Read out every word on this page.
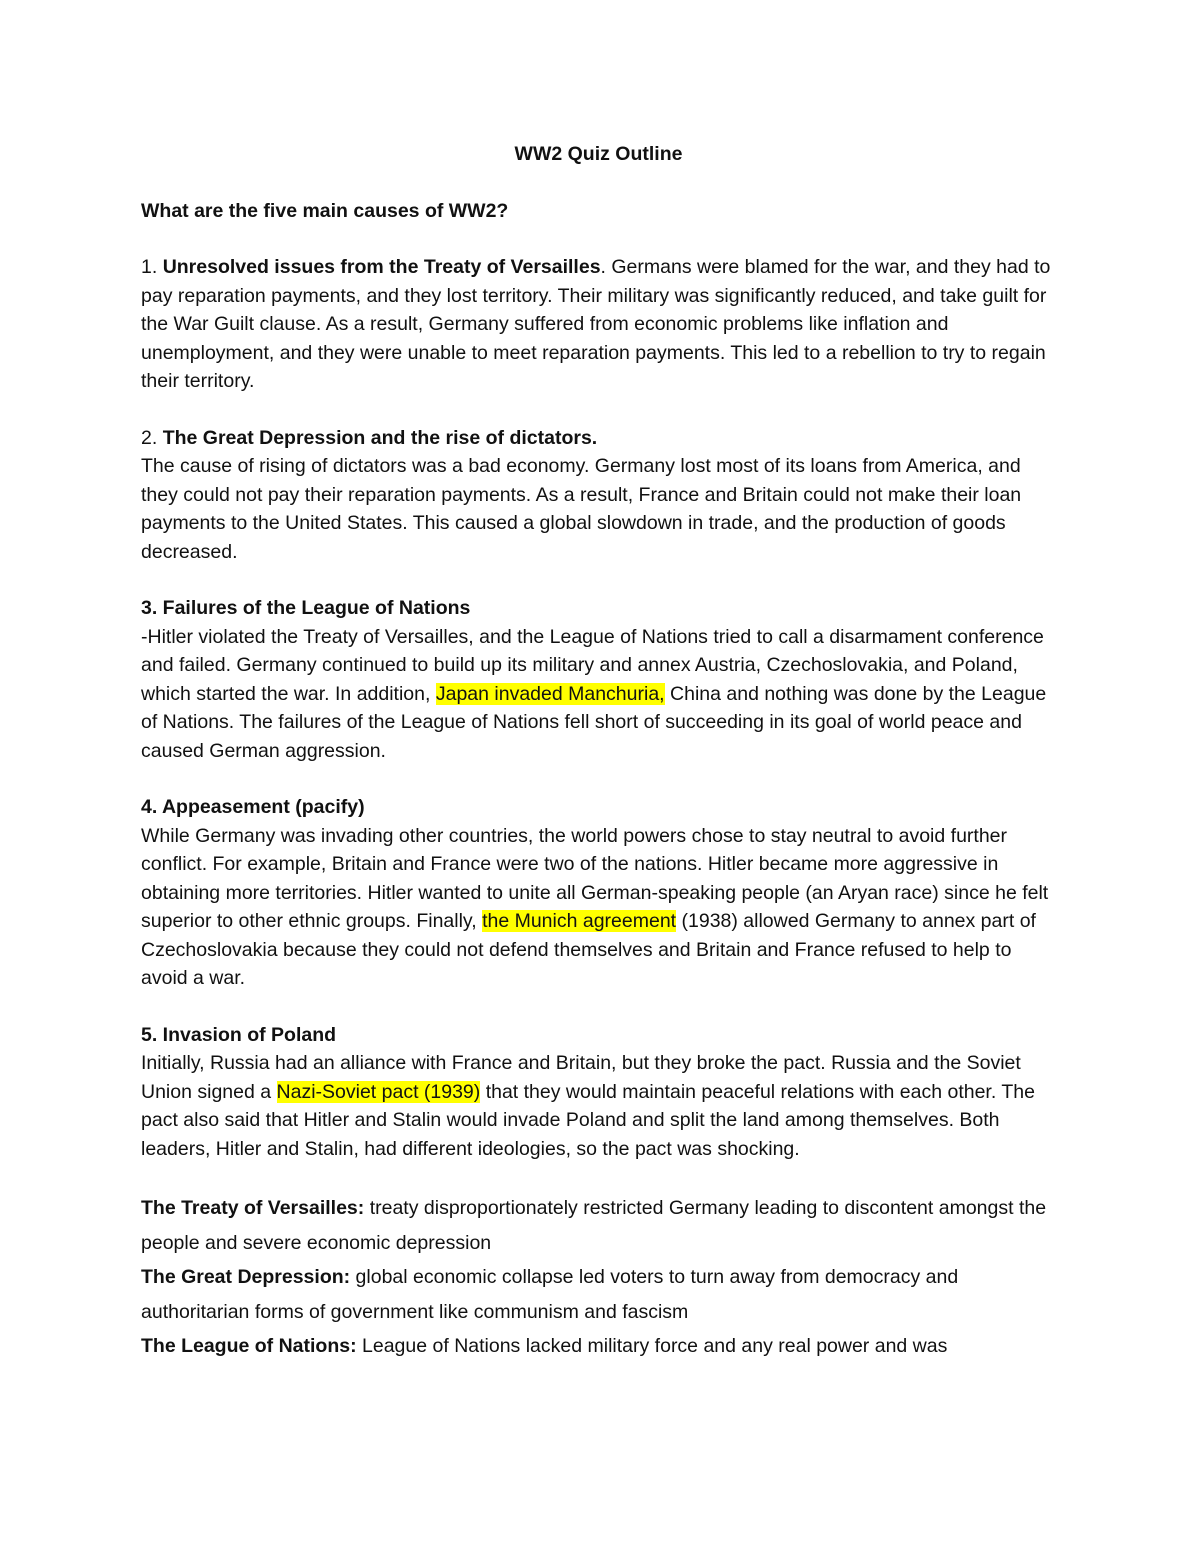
WW2 Quiz Outline
What are the five main causes of WW2?

1. Unresolved issues from the Treaty of Versailles. Germans were blamed for the war, and they had to pay reparation payments, and they lost territory. Their military was significantly reduced, and take guilt for the War Guilt clause. As a result, Germany suffered from economic problems like inflation and unemployment, and they were unable to meet reparation payments. This led to a rebellion to try to regain their territory.

2. The Great Depression and the rise of dictators.

The cause of rising of dictators was a bad economy. Germany lost most of its loans from America, and they could not pay their reparation payments. As a result, France and Britain could not make their loan payments to the United States. This caused a global slowdown in trade, and the production of goods decreased.

3. Failures of the League of Nations

-Hitler violated the Treaty of Versailles, and the League of Nations tried to call a disarmament conference and failed. Germany continued to build up its military and annex Austria, Czechoslovakia, and Poland, which started the war. In addition, Japan invaded Manchuria, China and nothing was done by the League of Nations. The failures of the League of Nations fell short of succeeding in its goal of world peace and caused German aggression.

4. Appeasement (pacify)

While Germany was invading other countries, the world powers chose to stay neutral to avoid further conflict. For example, Britain and France were two of the nations. Hitler became more aggressive in obtaining more territories. Hitler wanted to unite all German-speaking people (an Aryan race) since he felt superior to other ethnic groups. Finally, the Munich agreement (1938) allowed Germany to annex part of Czechoslovakia because they could not defend themselves and Britain and France refused to help to avoid a war.

5. Invasion of Poland

Initially, Russia had an alliance with France and Britain, but they broke the pact. Russia and the Soviet Union signed a Nazi-Soviet pact (1939) that they would maintain peaceful relations with each other. The pact also said that Hitler and Stalin would invade Poland and split the land among themselves. Both leaders, Hitler and Stalin, had different ideologies, so the pact was shocking.

The Treaty of Versailles: treaty disproportionately restricted Germany leading to discontent amongst the people and severe economic depression

The Great Depression: global economic collapse led voters to turn away from democracy and authoritarian forms of government like communism and fascism

The League of Nations: League of Nations lacked military force and any real power and was
